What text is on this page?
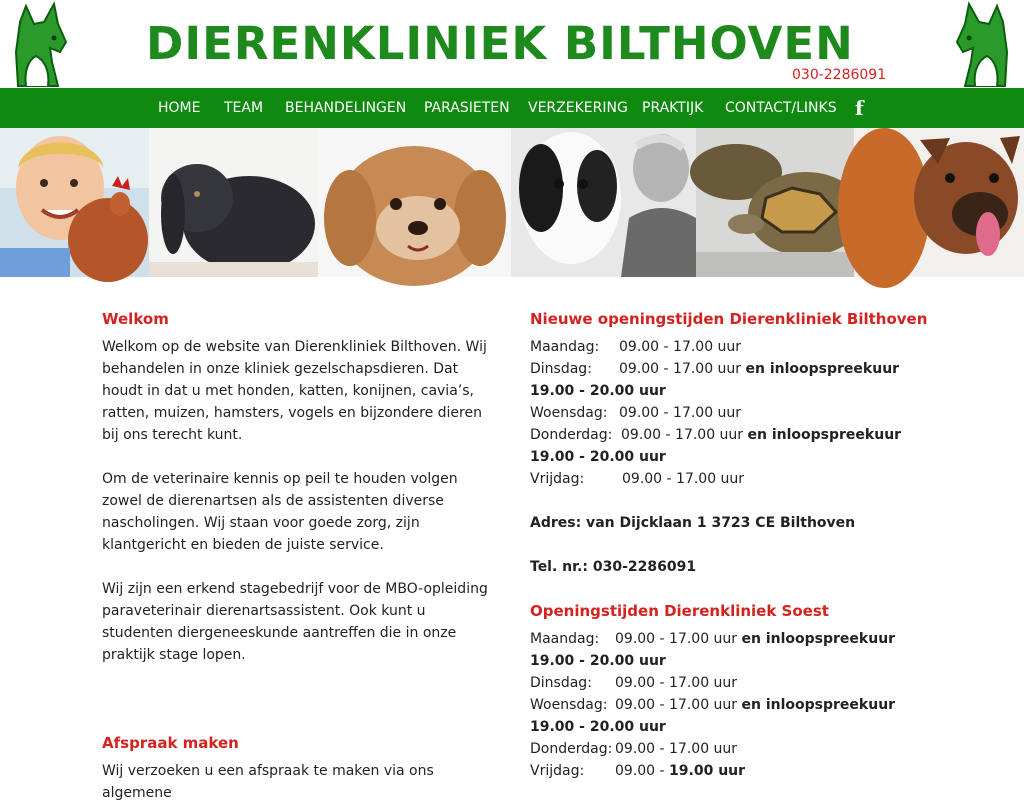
DIERENKLINIEK BILTHOVEN
030-2286091
HOME TEAM BEHANDELINGEN PARASIETEN VERZEKERING PRAKTIJK CONTACT/LINKS f
Welkom

Welkom op de website van Dierenkliniek Bilthoven. Wij behandelen in onze kliniek gezelschapsdieren. Dat houdt in dat u met honden, katten, konijnen, cavia’s, ratten, muizen, hamsters, vogels en bijzondere dieren bij ons terecht kunt.

Om de veterinaire kennis op peil te houden volgen zowel de dierenartsen als de assistenten diverse nascholingen. Wij staan voor goede zorg, zijn klantgericht en bieden de juiste service.

Wij zijn een erkend stagebedrijf voor de MBO-opleiding paraveterinair dierenartsassistent. Ook kunt u studenten diergeneeskunde aantreffen die in onze praktijk stage lopen.

Afspraak maken

Wij verzoeken u een afspraak te maken via ons algemene

Nieuwe openingstijden Dierenkliniek Bilthoven
Maandag: 09.00 - 17.00 uur
Dinsdag: 09.00 - 17.00 uur en inloopspreekuur
19.00 - 20.00 uur
Woensdag: 09.00 - 17.00 uur
Donderdag: 09.00 - 17.00 uur en inloopspreekuur
19.00 - 20.00 uur
Vrijdag:	09.00 - 17.00 uur
Adres: van Dijcklaan 1 3723 CE Bilthoven
Tel. nr.: 030-2286091
Openingstijden Dierenkliniek Soest
Maandag: 09.00 - 17.00 uur en inloopspreekuur
19.00 - 20.00 uur
Dinsdag: 09.00 - 17.00 uur
Woensdag: 09.00 - 17.00 uur en inloopspreekuur
19.00 - 20.00 uur
Donderdag: 09.00 - 17.00 uur
Vrijdag: 09.00 - 19.00 uur
